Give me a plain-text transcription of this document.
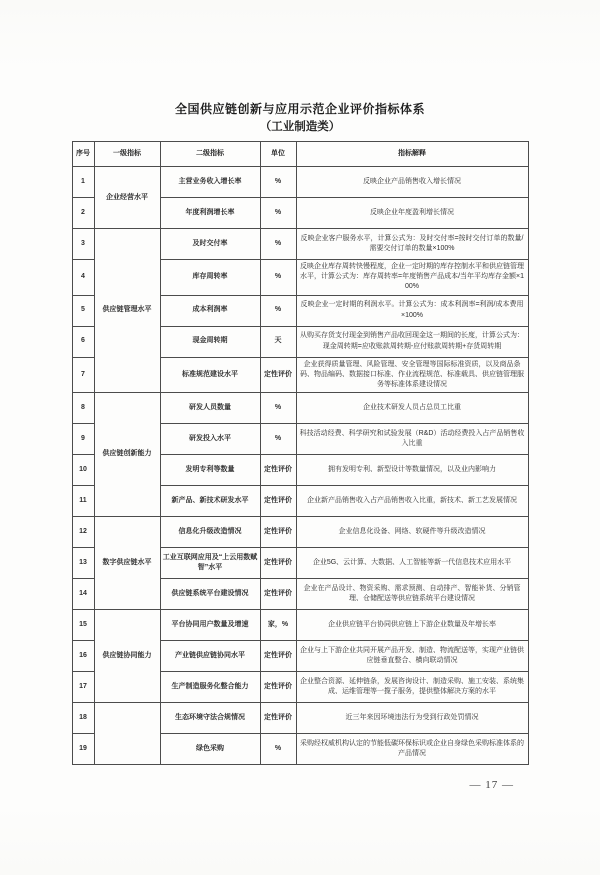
全国供应链创新与应用示范企业评价指标体系
（工业制造类）
序号	一级指标	二级指标	单位	指标解释
1	企业经营水平	主营业务收入增长率	%	反映企业产品销售收入增长情况
2		年度利润增长率	%	反映企业年度盈利增长情况
3	供应链管理水平	及时交付率	%	反映企业客户服务水平，计算公式为：及时交付率=按时交付订单的数量/需要交付订单的数量×100%
4		库存周转率	%	反映企业库存周转快慢程度，企业一定时期的库存控制水平和供应链管理水平，计算公式为：库存周转率=年度销售产品成本/当年平均库存金额×100%
5		成本利润率	%	反映企业一定时期的利润水平。计算公式为：成本利润率=利润/成本费用×100%
6		现金周转期	天	从购买存货支付现金到销售产品收回现金这一期间的长度，计算公式为：现金周转期=应收账款周转期-应付账款周转期+存货周转期
7		标准规范建设水平	定性评价	企业获得质量管理、风险管理、安全管理等国际标准资质，以及商品条码、物品编码、数据接口标准、作业流程规范、标准载具、供应链管理服务等标准体系建设情况
8	供应链创新能力	研发人员数量	%	企业技术研发人员占总员工比重
9		研发投入水平	%	科技活动经费、科学研究和试验发展（R&D）活动经费投入占产品销售收入比重
10		发明专利等数量	定性评价	拥有发明专利、新型设计等数量情况，以及业内影响力
11		新产品、新技术研发水平	定性评价	企业新产品销售收入占产品销售收入比重，新技术、新工艺发展情况
12	数字供应链水平	信息化升级改造情况	定性评价	企业信息化设备、网络、软硬件等升级改造情况
13		工业互联网应用及“上云用数赋智”水平	定性评价	企业5G、云计算、大数据、人工智能等新一代信息技术应用水平
14		供应链系统平台建设情况	定性评价	企业在产品设计、物资采购、需求预测、自动排产、智能补货、分销管理、仓储配送等供应链系统平台建设情况
15	供应链协同能力	平台协同用户数量及增速	家，%	企业供应链平台协同供应链上下游企业数量及年增长率
16		产业链供应链协同水平	定性评价	企业与上下游企业共同开展产品开发、制造、物流配送等，实现产业链供应链垂直整合、横向联动情况
17		生产制造服务化整合能力	定性评价	企业整合资源、延伸链条，发展咨询设计、制造采购、施工安装、系统集成、运维管理等一揽子服务，提供整体解决方案的水平
18		生态环境守法合规情况	定性评价	近三年来因环境违法行为受到行政处罚情况
19		绿色采购	%	采购经权威机构认定的节能低碳环保标识或企业自身绿色采购标准体系的产品情况
— 17 —
